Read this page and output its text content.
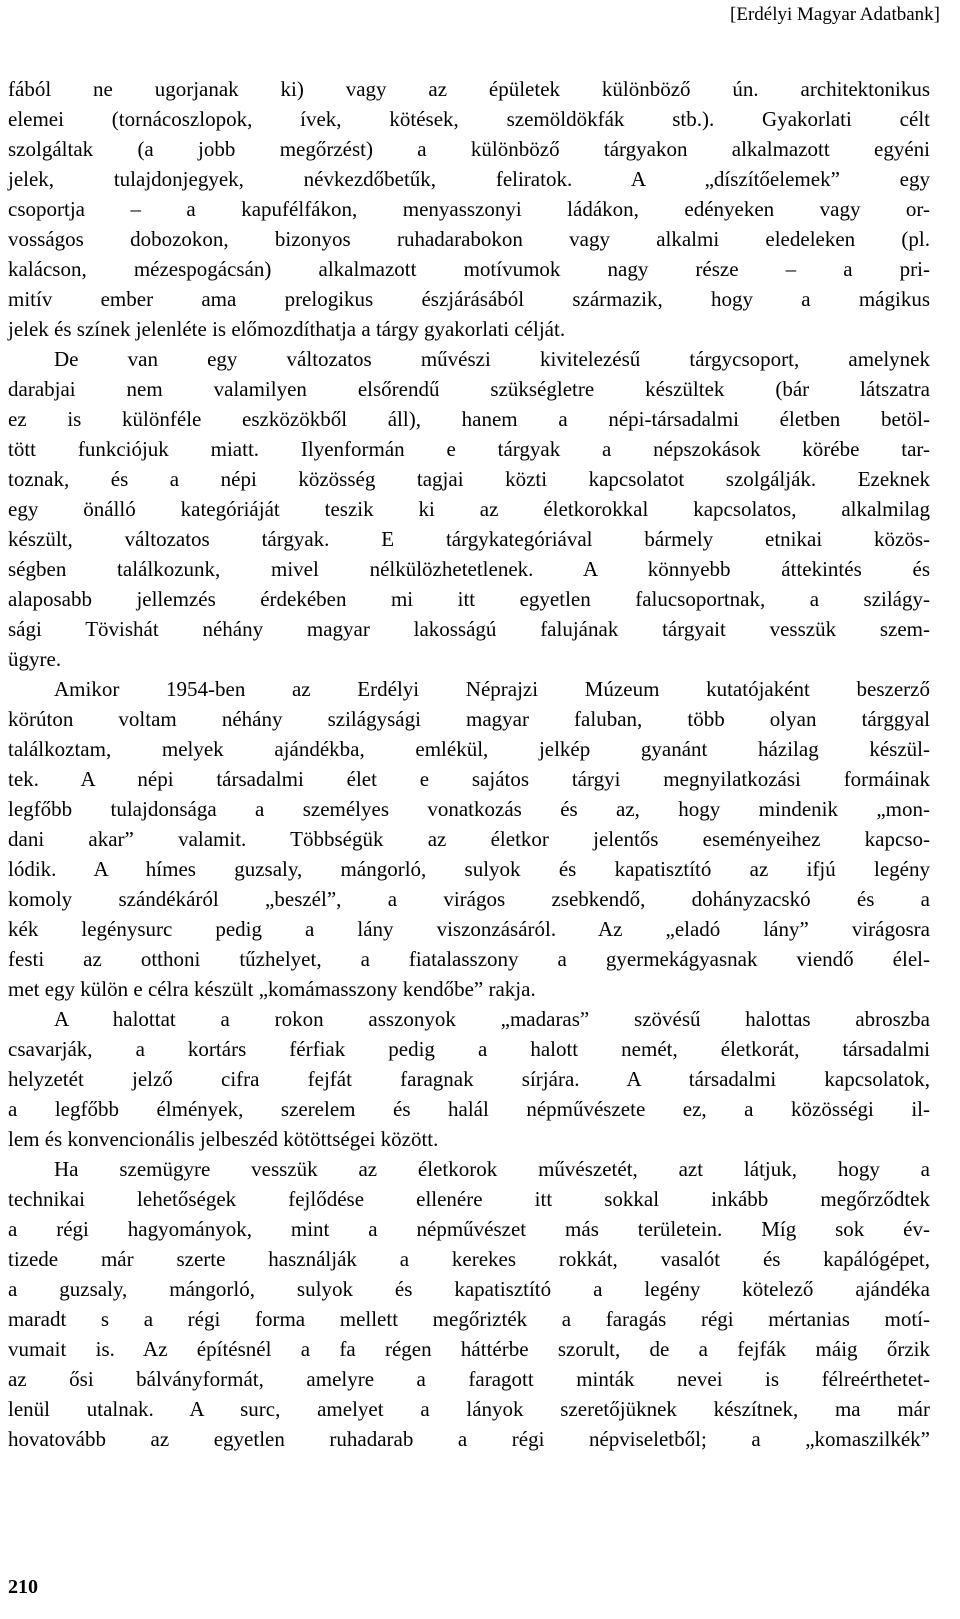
[Erdélyi Magyar Adatbank]
fából ne ugorjanak ki) vagy az épületek különböző ún. architektonikus
elemei (tornácoszlopok, ívek, kötések, szemöldökfák stb.). Gyakorlati célt
szolgáltak (a jobb megőrzést) a különböző tárgyakon alkalmazott egyéni
jelek, tulajdonjegyek, névkezdőbetűk, feliratok. A „díszítőelemek” egy
csoportja – a kapufélfákon, menyasszonyi ládákon, edényeken vagy or-
vosságos dobozokon, bizonyos ruhadarabokon vagy alkalmi eledeleken (pl.
kalácson, mézespogácsán) alkalmazott motívumok nagy része – a pri-
mitív ember ama prelogikus észjárásából származik, hogy a mágikus
jelek és színek jelenléte is előmozdíthatja a tárgy gyakorlati célját.
De van egy változatos művészi kivitelezésű tárgycsoport, amelynek
darabjai nem valamilyen elsőrendű szükségletre készültek (bár látszatra
ez is különféle eszközökből áll), hanem a népi-társadalmi életben betöl-
tött funkciójuk miatt. Ilyenformán e tárgyak a népszokások körébe tar-
toznak, és a népi közösség tagjai közti kapcsolatot szolgálják. Ezeknek
egy önálló kategóriáját teszik ki az életkorokkal kapcsolatos, alkalmilag
készült, változatos tárgyak. E tárgykategóriával bármely etnikai közös-
ségben találkozunk, mivel nélkülözhetetlenek. A könnyebb áttekintés és
alaposabb jellemzés érdekében mi itt egyetlen falucsoportnak, a szilágy-
sági Tövishát néhány magyar lakosságú falujának tárgyait vesszük szem-
ügyre.
Amikor 1954-ben az Erdélyi Néprajzi Múzeum kutatójaként beszerző
körúton voltam néhány szilágysági magyar faluban, több olyan tárggyal
találkoztam, melyek ajándékba, emlékül, jelkép gyanánt házilag készül-
tek. A népi társadalmi élet e sajátos tárgyi megnyilatkozási formáinak
legfőbb tulajdonsága a személyes vonatkozás és az, hogy mindenik „mon-
dani akar” valamit. Többségük az életkor jelentős eseményeihez kapcso-
lódik. A hímes guzsaly, mángorló, sulyok és kapatisztító az ifjú legény
komoly szándékáról „beszél”, a virágos zsebkendő, dohányzacskó és a
kék legénysurc pedig a lány viszonzásáról. Az „eladó lány” virágosra
festi az otthoni tűzhelyet, a fiatalasszony a gyermekágyasnak viendő élel-
met egy külön e célra készült „komámasszony kendőbe” rakja.
A halottat a rokon asszonyok „madaras” szövésű halottas abroszba
csavarják, a kortárs férfiak pedig a halott nemét, életkorát, társadalmi
helyzetét jelző cifra fejfát faragnak sírjára. A társadalmi kapcsolatok,
a legfőbb élmények, szerelem és halál népművészete ez, a közösségi il-
lem és konvencionális jelbeszéd kötöttségei között.
Ha szemügyre vesszük az életkorok művészetét, azt látjuk, hogy a
technikai lehetőségek fejlődése ellenére itt sokkal inkább megőrződtek
a régi hagyományok, mint a népművészet más területein. Míg sok év-
tizede már szerte használják a kerekes rokkát, vasalót és kapálógépet,
a guzsaly, mángorló, sulyok és kapatisztító a legény kötelező ajándéka
maradt s a régi forma mellett megőrizték a faragás régi mértanias motí-
vumait is. Az építésnél a fa régen háttérbe szorult, de a fejfák máig őrzik
az ősi bálványformát, amelyre a faragott minták nevei is félreérthetet-
lenül utalnak. A surc, amelyet a lányok szeretőjüknek készítnek, ma már
hovatovább az egyetlen ruhadarab a régi népviseletből; a „komaszilkék”
210
